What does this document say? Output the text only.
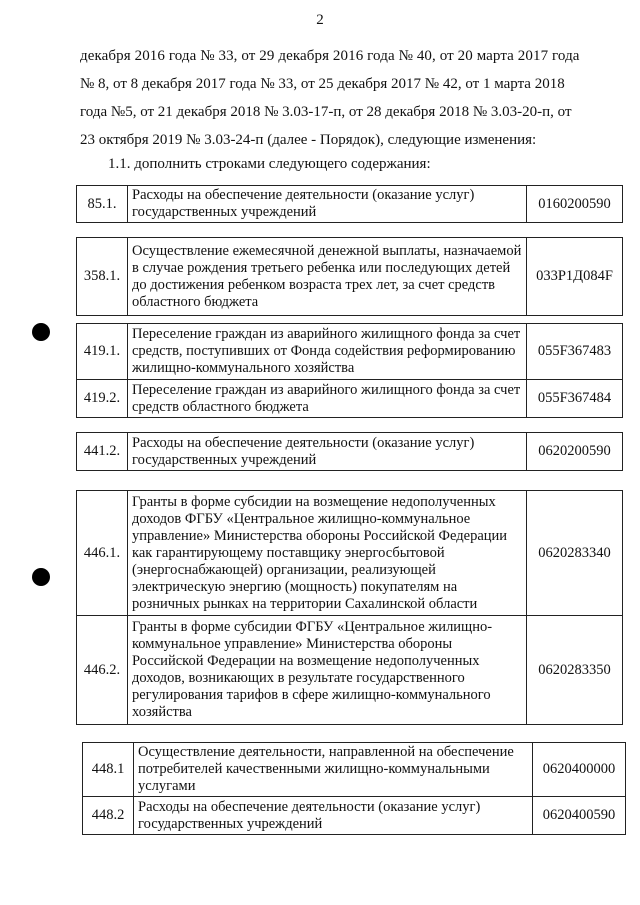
2
декабря 2016 года № 33, от 29 декабря 2016 года № 40, от 20 марта 2017 года
№ 8, от 8 декабря 2017 года № 33, от 25 декабря 2017 № 42, от 1 марта 2018
года №5, от 21 декабря 2018 № 3.03-17-п, от 28 декабря 2018 № 3.03-20-п, от
23 октября 2019 № 3.03-24-п (далее - Порядок), следующие изменения:
1.1. дополнить строками следующего содержания:
85.1.	Расходы на обеспечение деятельности (оказание услуг) государственных учреждений	0160200590
358.1.	Осуществление ежемесячной денежной выплаты, назначаемой в случае рождения третьего ребенка или последующих детей до достижения ребенком возраста трех лет, за счет средств областного бюджета	033P1Д084F
419.1.	Переселение граждан из аварийного жилищного фонда за счет средств, поступивших от Фонда содействия реформированию жилищно-коммунального хозяйства	055F367483
419.2.	Переселение граждан из аварийного жилищного фонда за счет средств областного бюджета	055F367484
441.2.	Расходы на обеспечение деятельности (оказание услуг) государственных учреждений	0620200590
446.1.	Гранты в форме субсидии на возмещение недополученных доходов ФГБУ «Центральное жилищно-коммунальное управление» Министерства обороны Российской Федерации как гарантирующему поставщику энергосбытовой (энергоснабжающей) организации, реализующей электрическую энергию (мощность) покупателям на розничных рынках на территории Сахалинской области	0620283340
446.2.	Гранты в форме субсидии ФГБУ «Центральное жилищно-коммунальное управление» Министерства обороны Российской Федерации на возмещение недополученных доходов, возникающих в результате государственного регулирования тарифов в сфере жилищно-коммунального хозяйства	0620283350
448.1	Осуществление деятельности, направленной на обеспечение потребителей качественными жилищно-коммунальными услугами	0620400000
448.2	Расходы на обеспечение деятельности (оказание услуг) государственных учреждений	0620400590
